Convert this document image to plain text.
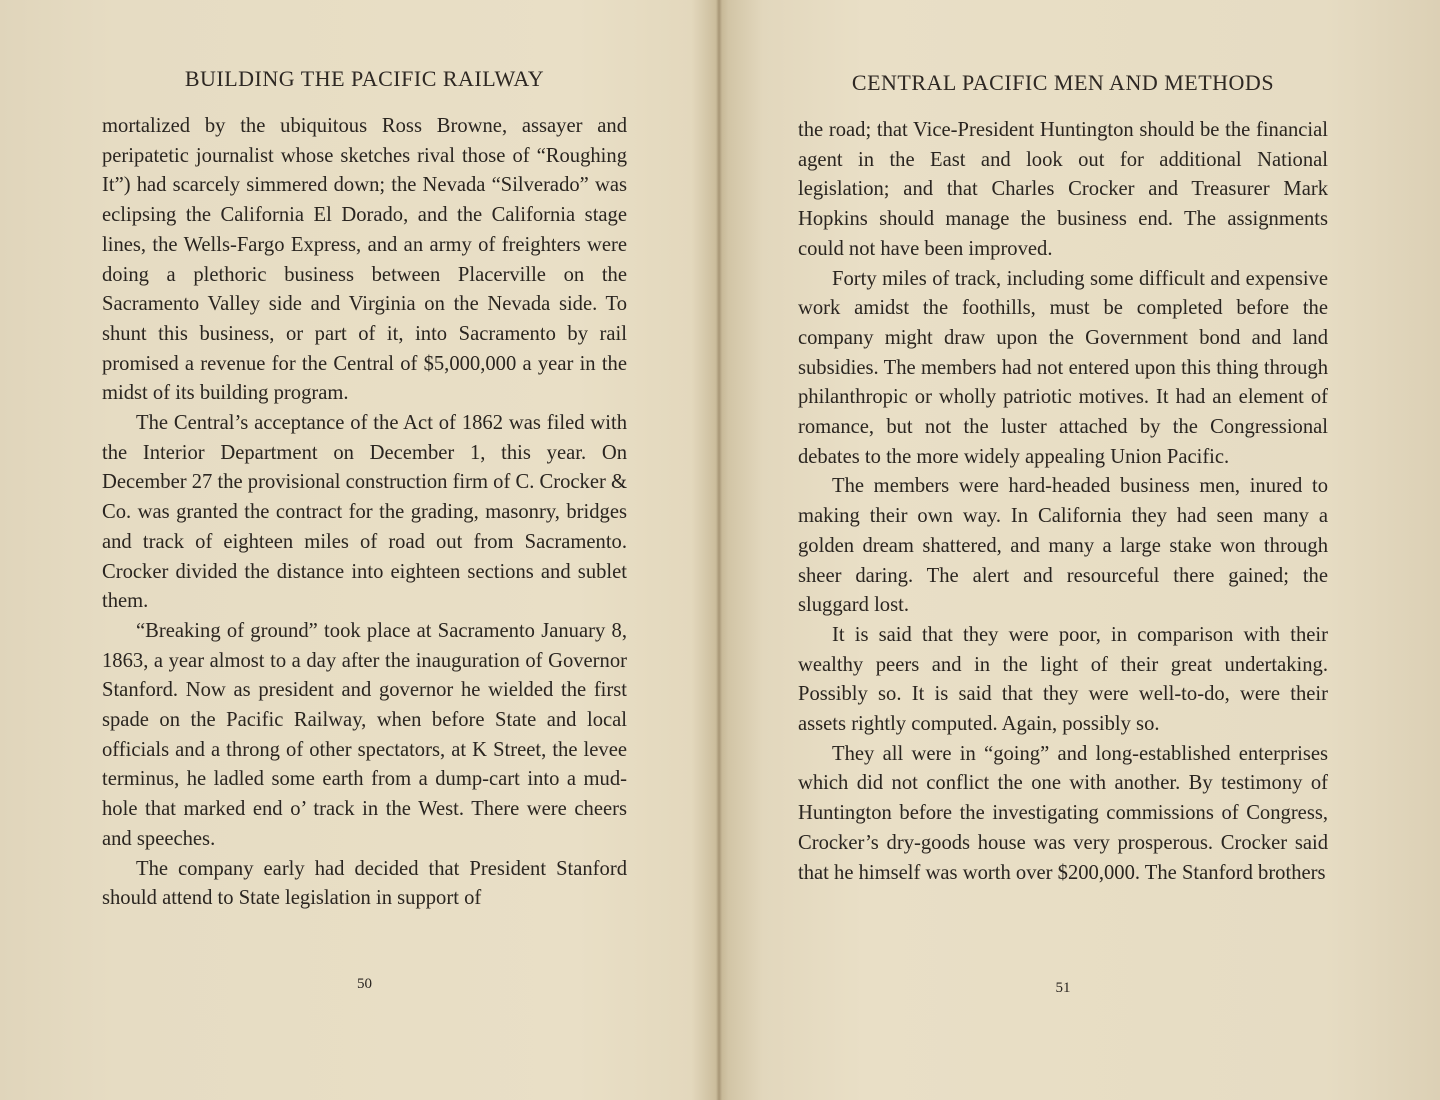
BUILDING THE PACIFIC RAILWAY

mortalized by the ubiquitous Ross Browne, assayer and peripatetic journalist whose sketches rival those of “Roughing It”) had scarcely simmered down; the Nevada “Silverado” was eclipsing the California El Dorado, and the California stage lines, the Wells-Fargo Express, and an army of freighters were doing a plethoric business between Placerville on the Sacramento Valley side and Virginia on the Nevada side. To shunt this business, or part of it, into Sacramento by rail promised a revenue for the Central of $5,000,000 a year in the midst of its building program.

The Central’s acceptance of the Act of 1862 was filed with the Interior Department on December 1, this year. On December 27 the provisional construction firm of C. Crocker & Co. was granted the contract for the grading, masonry, bridges and track of eighteen miles of road out from Sacramento. Crocker divided the distance into eighteen sections and sublet them.

“Breaking of ground” took place at Sacramento January 8, 1863, a year almost to a day after the inauguration of Governor Stanford. Now as president and governor he wielded the first spade on the Pacific Railway, when before State and local officials and a throng of other spectators, at K Street, the levee terminus, he ladled some earth from a dump-cart into a mud-hole that marked end o’ track in the West. There were cheers and speeches.

The company early had decided that President Stanford should attend to State legislation in support of

50
CENTRAL PACIFIC MEN AND METHODS

the road; that Vice-President Huntington should be the financial agent in the East and look out for additional National legislation; and that Charles Crocker and Treasurer Mark Hopkins should manage the business end. The assignments could not have been improved.

Forty miles of track, including some difficult and expensive work amidst the foothills, must be completed before the company might draw upon the Government bond and land subsidies. The members had not entered upon this thing through philanthropic or wholly patriotic motives. It had an element of romance, but not the luster attached by the Congressional debates to the more widely appealing Union Pacific.

The members were hard-headed business men, inured to making their own way. In California they had seen many a golden dream shattered, and many a large stake won through sheer daring. The alert and resourceful there gained; the sluggard lost.

It is said that they were poor, in comparison with their wealthy peers and in the light of their great undertaking. Possibly so. It is said that they were well-to-do, were their assets rightly computed. Again, possibly so.

They all were in “going” and long-established enterprises which did not conflict the one with another. By testimony of Huntington before the investigating commissions of Congress, Crocker’s dry-goods house was very prosperous. Crocker said that he himself was worth over $200,000. The Stanford brothers

51
